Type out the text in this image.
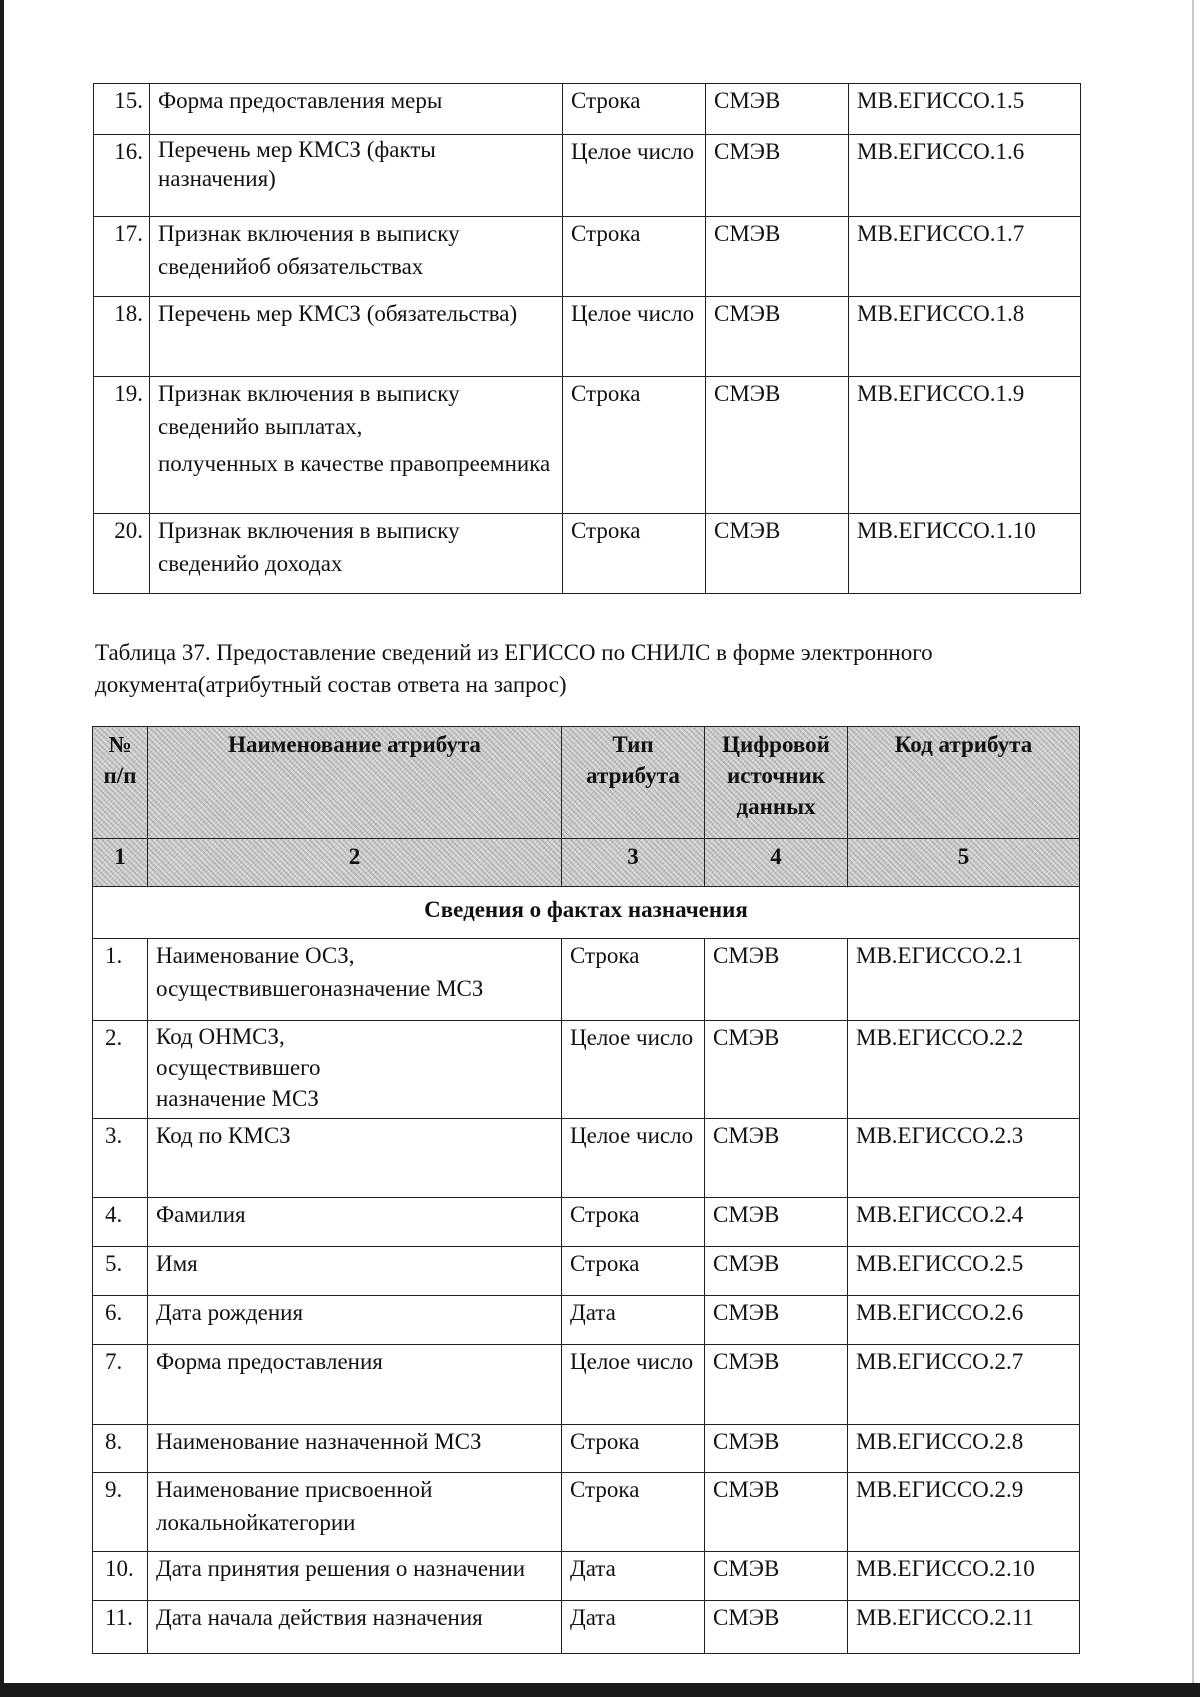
15.	Форма предоставления меры	Строка	СМЭВ	МВ.ЕГИССО.1.5
16.	Перечень мер КМСЗ (факты назначения)	Целое число	СМЭВ	МВ.ЕГИССО.1.6
17.	Признак включения в выписку сведенийоб обязательствах	Строка	СМЭВ	МВ.ЕГИССО.1.7
18.	Перечень мер КМСЗ (обязательства)	Целое число	СМЭВ	МВ.ЕГИССО.1.8
19.	Признак включения в выписку сведенийо выплатах,
полученных в качестве правопреемника	Строка	СМЭВ	МВ.ЕГИССО.1.9
20.	Признак включения в выписку сведенийо доходах	Строка	СМЭВ	МВ.ЕГИССО.1.10
Таблица 37. Предоставление сведений из ЕГИССО по СНИЛС в форме электронного документа(атрибутный состав ответа на запрос)
№ п/п	Наименование атрибута	Тип атрибута	Цифровой источник данных	Код атрибута
1	2	3	4	5
Сведения о фактах назначения				
1.	Наименование ОСЗ, осуществившегоназначение МСЗ	Строка	СМЭВ	МВ.ЕГИССО.2.1
2.	Код ОНМСЗ, осуществившего назначение МСЗ	Целое число	СМЭВ	МВ.ЕГИССО.2.2
3.	Код по КМСЗ	Целое число	СМЭВ	МВ.ЕГИССО.2.3
4.	Фамилия	Строка	СМЭВ	МВ.ЕГИССО.2.4
5.	Имя	Строка	СМЭВ	МВ.ЕГИССО.2.5
6.	Дата рождения	Дата	СМЭВ	МВ.ЕГИССО.2.6
7.	Форма предоставления	Целое число	СМЭВ	МВ.ЕГИССО.2.7
8.	Наименование назначенной МСЗ	Строка	СМЭВ	МВ.ЕГИССО.2.8
9.	Наименование присвоенной локальнойкатегории	Строка	СМЭВ	МВ.ЕГИССО.2.9
10.	Дата принятия решения о назначении	Дата	СМЭВ	МВ.ЕГИССО.2.10
11.	Дата начала действия назначения	Дата	СМЭВ	МВ.ЕГИССО.2.11
